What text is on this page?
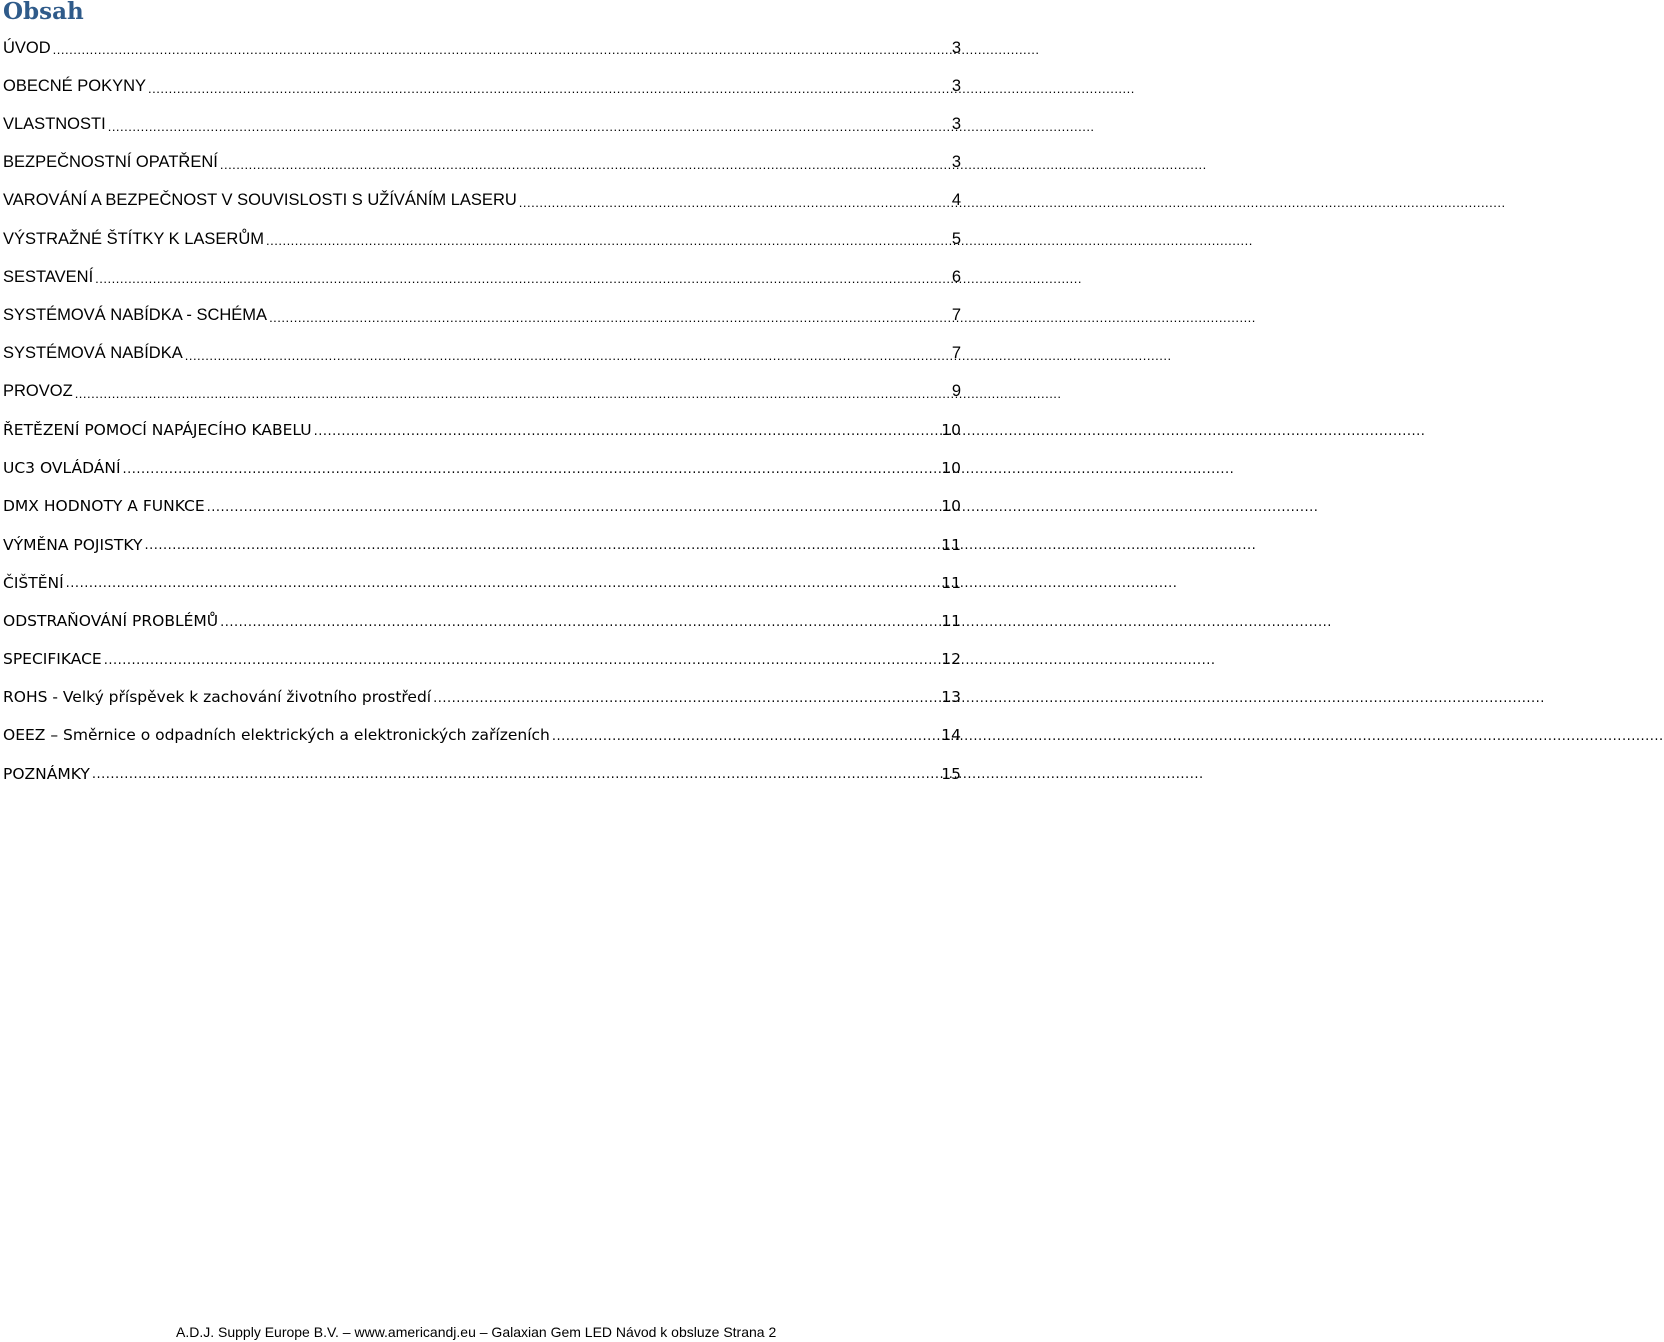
Obsah
ÚVOD .....	3
OBECNÉ POKYNY .....	3
VLASTNOSTI .....	3
BEZPEČNOSTNÍ OPATŘENÍ .....	3
VAROVÁNÍ A BEZPEČNOST V SOUVISLOSTI S UŽÍVÁNÍM LASERU .....	4
VÝSTRAŽNÉ ŠTÍTKY K LASERŮM .....	5
SESTAVENÍ .....	6
SYSTÉMOVÁ NABÍDKA - SCHÉMA .....	7
SYSTÉMOVÁ NABÍDKA .....	7
PROVOZ .....	9
ŘETĚZENÍ POMOCÍ NAPÁJECÍHO KABELU .....	10
UC3 OVLÁDÁNÍ .....	10
DMX HODNOTY A FUNKCE .....	10
VÝMĚNA POJISTKY .....	11
ČIŠTĚNÍ .....	11
ODSTRAŇOVÁNÍ PROBLÉMŮ .....	11
SPECIFIKACE .....	12
ROHS - Velký příspěvek k zachování životního prostředí .....	13
OEEZ – Směrnice o odpadních elektrických a elektronických zařízeních .....	14
POZNÁMKY .....	15
A.D.J. Supply Europe B.V. – www.americandj.eu – Galaxian Gem LED Návod k obsluze Strana 2
